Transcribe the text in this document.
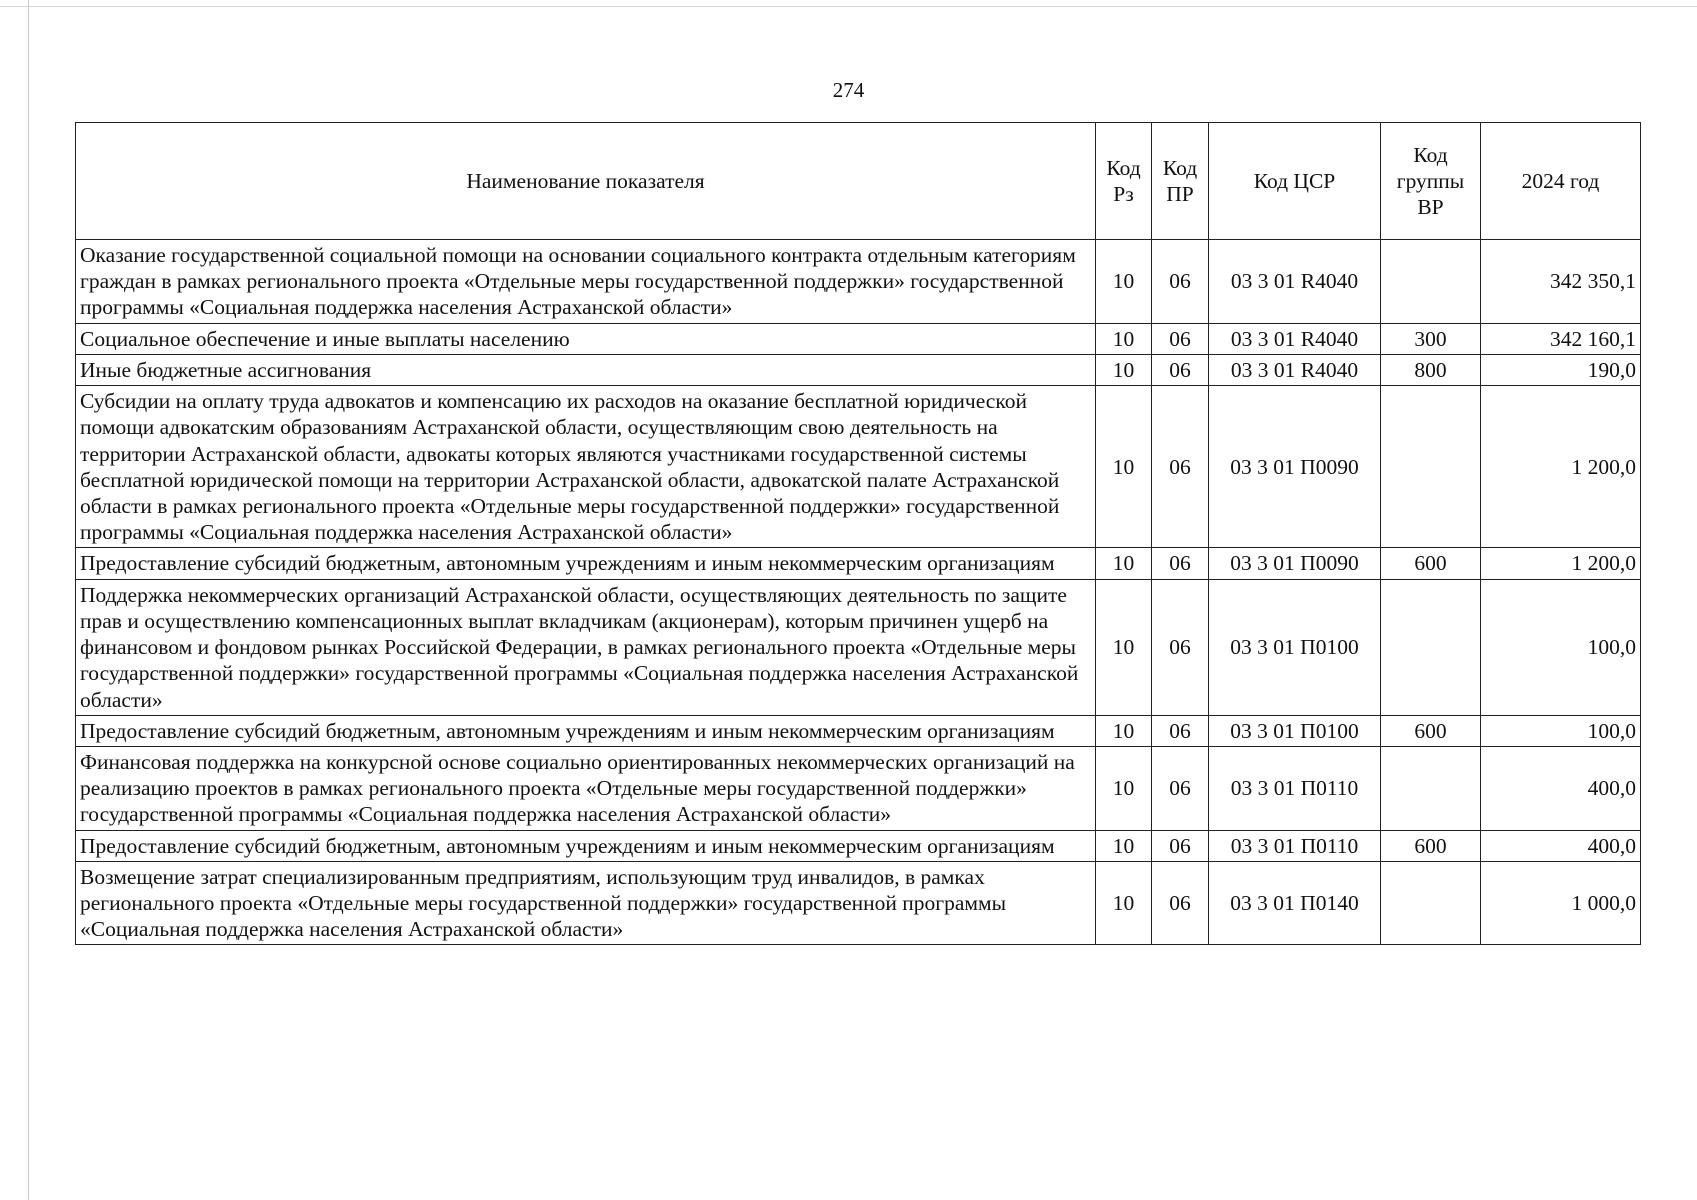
274
Наименование показателя	Код Рз	Код ПР	Код ЦСР	Код группы ВР	2024 год
Оказание государственной социальной помощи на основании социального контракта отдельным категориям граждан в рамках регионального проекта «Отдельные меры государственной поддержки» государственной программы «Социальная поддержка населения Астраханской области»	10	06	03 3 01 R4040		342 350,1
Социальное обеспечение и иные выплаты населению	10	06	03 3 01 R4040	300	342 160,1
Иные бюджетные ассигнования	10	06	03 3 01 R4040	800	190,0
Субсидии на оплату труда адвокатов и компенсацию их расходов на оказание бесплатной юридической помощи адвокатским образованиям Астраханской области, осуществляющим свою деятельность на территории Астраханской области, адвокаты которых являются участниками государственной системы бесплатной юридической помощи на территории Астраханской области, адвокатской палате Астраханской области в рамках регионального проекта «Отдельные меры государственной поддержки» государственной программы «Социальная поддержка населения Астраханской области»	10	06	03 3 01 П0090		1 200,0
Предоставление субсидий бюджетным, автономным учреждениям и иным некоммерческим организациям	10	06	03 3 01 П0090	600	1 200,0
Поддержка некоммерческих организаций Астраханской области, осуществляющих деятельность по защите прав и осуществлению компенсационных выплат вкладчикам (акционерам), которым причинен ущерб на финансовом и фондовом рынках Российской Федерации, в рамках регионального проекта «Отдельные меры государственной поддержки» государственной программы «Социальная поддержка населения Астраханской области»	10	06	03 3 01 П0100		100,0
Предоставление субсидий бюджетным, автономным учреждениям и иным некоммерческим организациям	10	06	03 3 01 П0100	600	100,0
Финансовая поддержка на конкурсной основе социально ориентированных некоммерческих организаций на реализацию проектов в рамках регионального проекта «Отдельные меры государственной поддержки» государственной программы «Социальная поддержка населения Астраханской области»	10	06	03 3 01 П0110		400,0
Предоставление субсидий бюджетным, автономным учреждениям и иным некоммерческим организациям	10	06	03 3 01 П0110	600	400,0
Возмещение затрат специализированным предприятиям, использующим труд инвалидов, в рамках регионального проекта «Отдельные меры государственной поддержки» государственной программы «Социальная поддержка населения Астраханской области»	10	06	03 3 01 П0140		1 000,0
